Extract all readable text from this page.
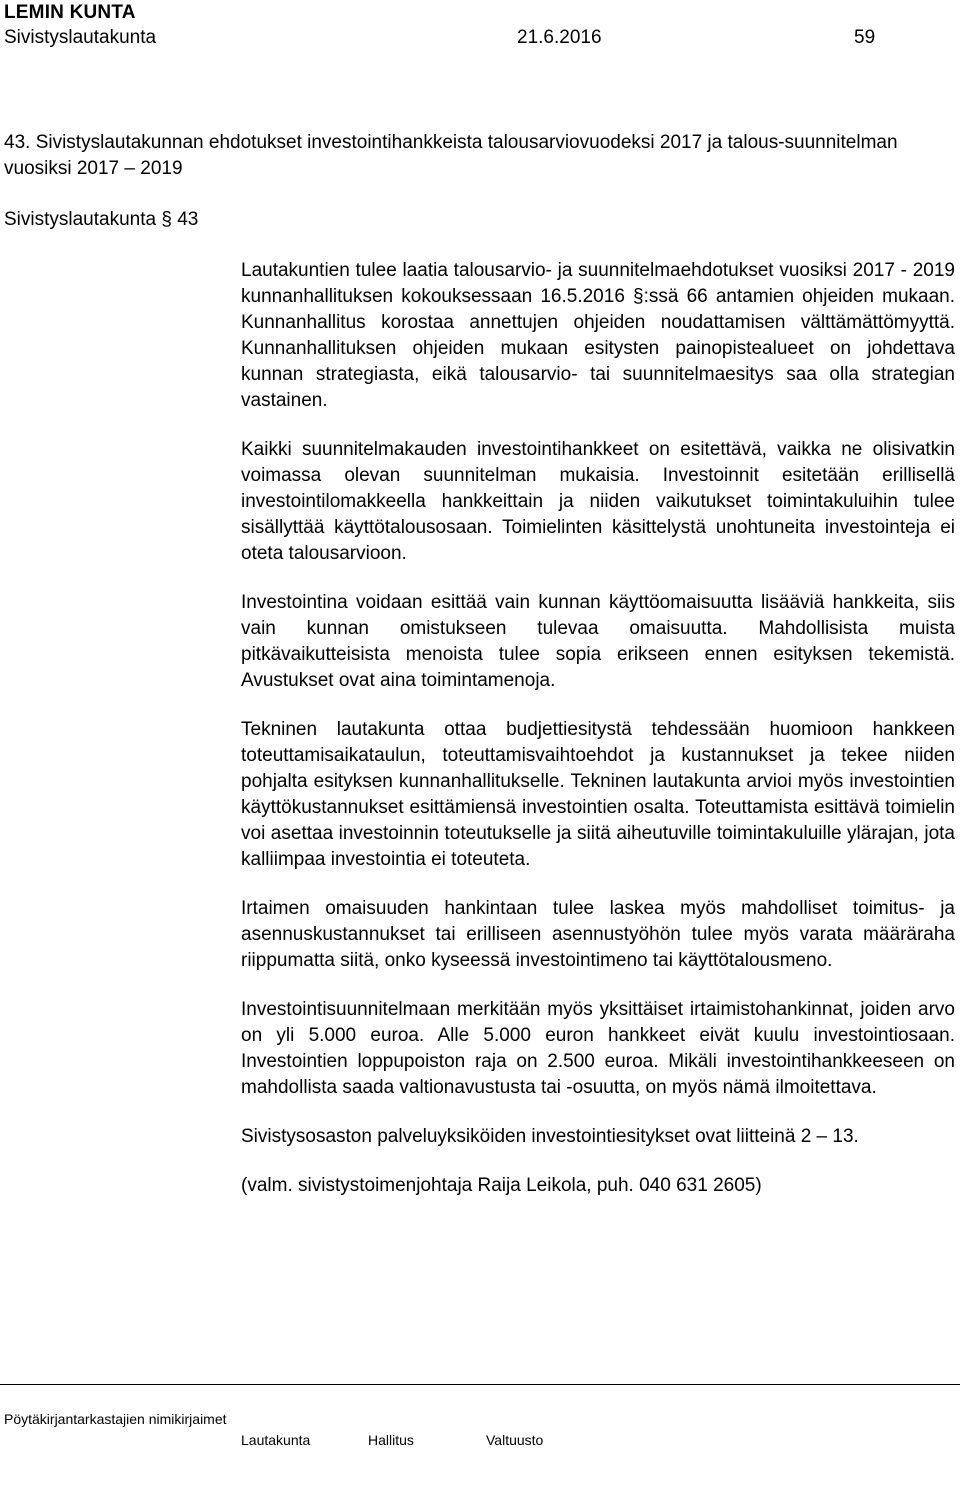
LEMIN KUNTA
Sivistyslautakunta	21.6.2016	59
43. Sivistyslautakunnan ehdotukset investointihankkeista talousarviovuodeksi 2017 ja talous-suunnitelman vuosiksi 2017 – 2019
Sivistyslautakunta § 43

Lautakuntien tulee laatia talousarvio- ja suunnitelmaehdotukset vuosiksi 2017 - 2019 kunnanhallituksen kokouksessaan 16.5.2016 §:ssä 66 antamien ohjeiden mukaan. Kunnanhallitus korostaa annettujen ohjeiden noudattamisen välttämättömyyttä. Kunnanhallituksen ohjeiden mukaan esitysten painopistealueet on johdettava kunnan strategiasta, eikä talousarvio- tai suunnitelmaesitys saa olla strategian vastainen.

Kaikki suunnitelmakauden investointihankkeet on esitettävä, vaikka ne olisivatkin voimassa olevan suunnitelman mukaisia. Investoinnit esitetään erillisellä investointilomakkeella hankkeittain ja niiden vaikutukset toimintakuluihin tulee sisällyttää käyttötalousosaan. Toimielinten käsittelystä unohtuneita investointeja ei oteta talousarvioon.

Investointina voidaan esittää vain kunnan käyttöomaisuutta lisääviä hankkeita, siis vain kunnan omistukseen tulevaa omaisuutta. Mahdollisista muista pitkävaikutteisista menoista tulee sopia erikseen ennen esityksen tekemistä. Avustukset ovat aina toimintamenoja.

Tekninen lautakunta ottaa budjettiesitystä tehdessään huomioon hankkeen toteuttamisaikataulun, toteuttamisvaihtoehdot ja kustannukset ja tekee niiden pohjalta esityksen kunnanhallitukselle. Tekninen lautakunta arvioi myös investointien käyttökustannukset esittämiensä investointien osalta. Toteuttamista esittävä toimielin voi asettaa investoinnin toteutukselle ja siitä aiheutuville toimintakuluille ylärajan, jota kalliimpaa investointia ei toteuteta.

Irtaimen omaisuuden hankintaan tulee laskea myös mahdolliset toimitus- ja asennuskustannukset tai erilliseen asennustyöhön tulee myös varata määräraha riippumatta siitä, onko kyseessä investointimeno tai käyttötalousmeno.

Investointisuunnitelmaan merkitään myös yksittäiset irtaimistohankinnat, joiden arvo on yli 5.000 euroa. Alle 5.000 euron hankkeet eivät kuulu investointiosaan. Investointien loppupoiston raja on 2.500 euroa. Mikäli investointihankkeeseen on mahdollista saada valtionavustusta tai -osuutta, on myös nämä ilmoitettava.

Sivistysosaston palveluyksiköiden investointiesitykset ovat liitteinä 2 – 13.

(valm. sivistystoimenjohtaja Raija Leikola, puh. 040 631 2605)

Pöytäkirjantarkastajien nimikirjaimet
Lautakunta	Hallitus	Valtuusto
